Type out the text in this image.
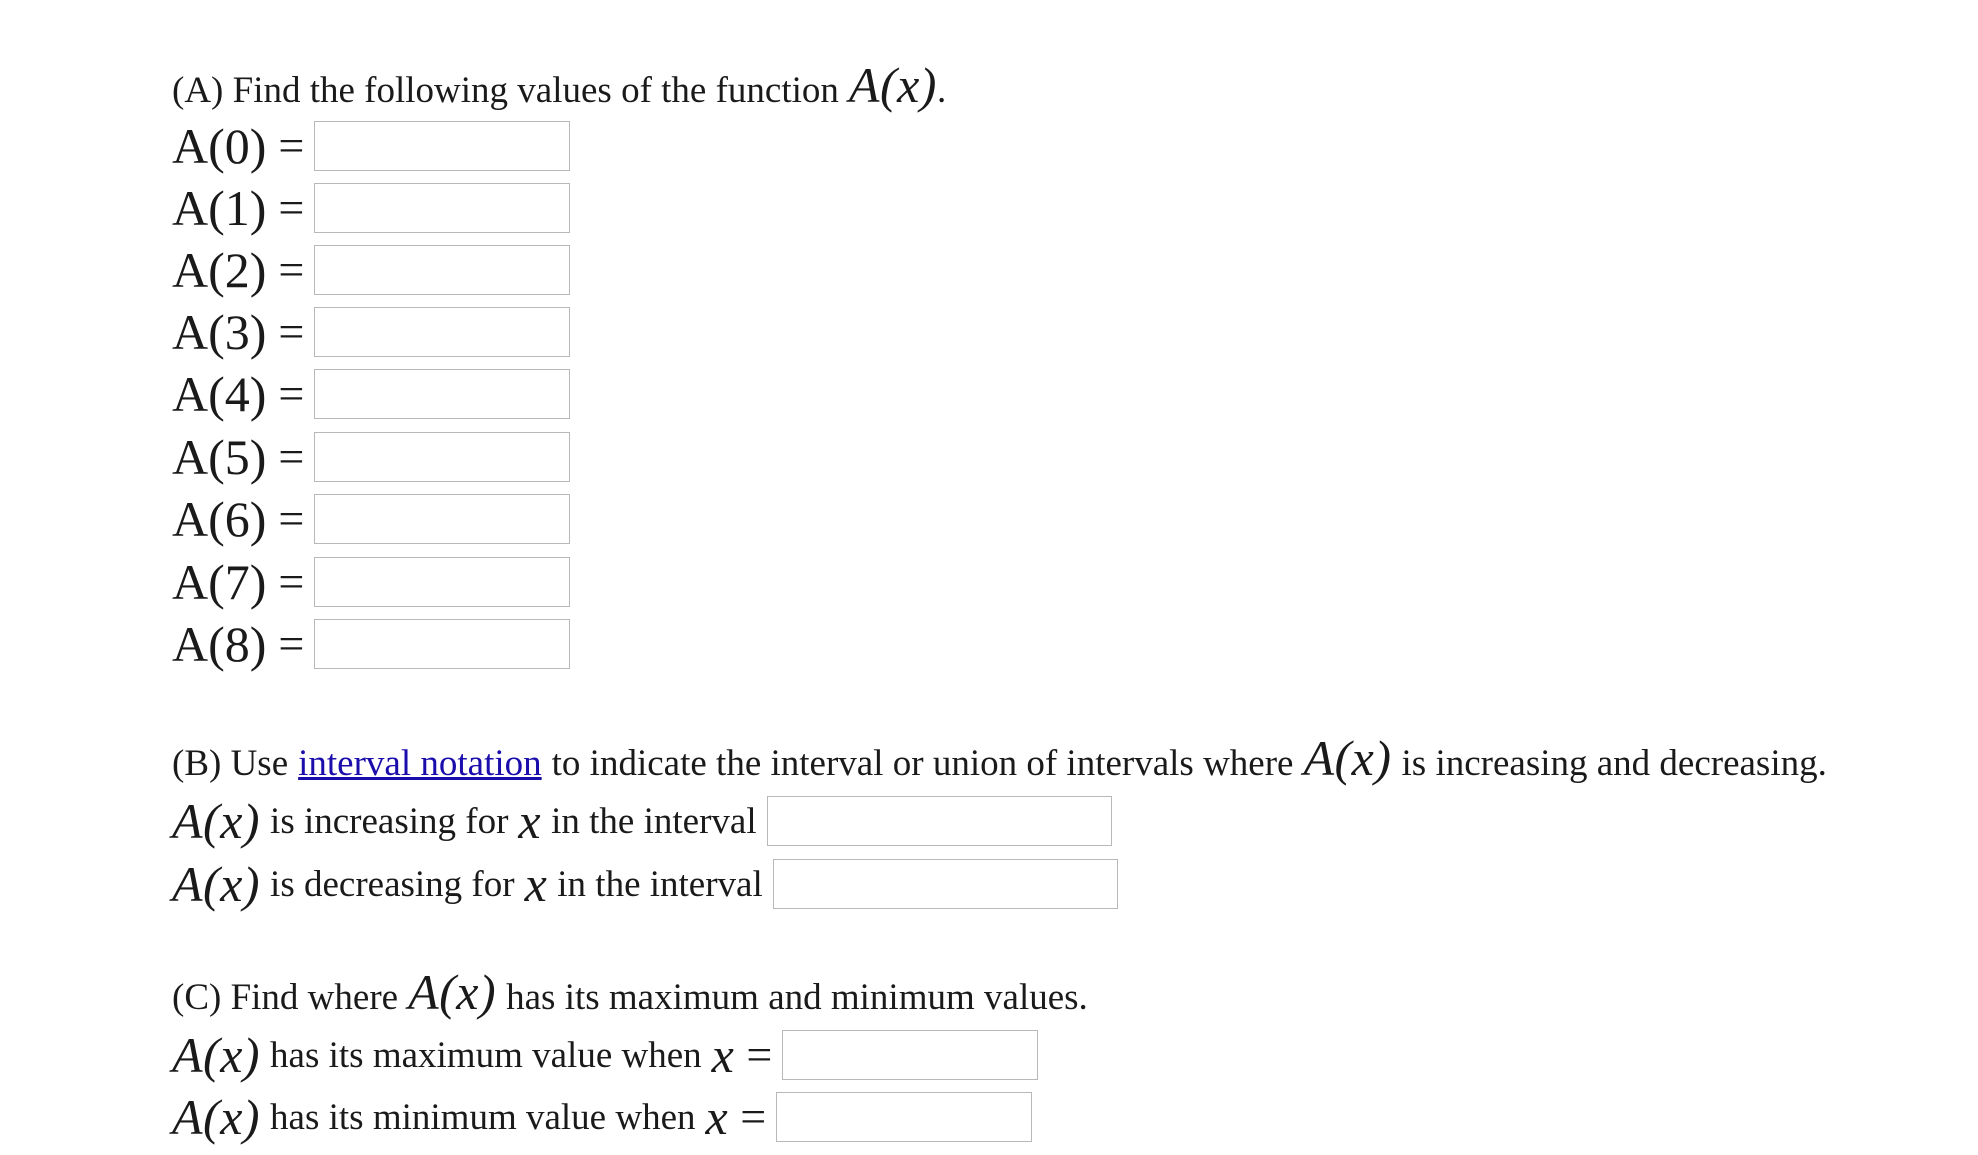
(A) Find the following values of the function A(x).
A(0) =
A(1) =
A(2) =
A(3) =
A(4) =
A(5) =
A(6) =
A(7) =
A(8) =
(B) Use interval notation to indicate the interval or union of intervals where A(x) is increasing and decreasing.
A(x) is increasing for x in the interval
A(x) is decreasing for x in the interval
(C) Find where A(x) has its maximum and minimum values.
A(x) has its maximum value when x =
A(x) has its minimum value when x =
